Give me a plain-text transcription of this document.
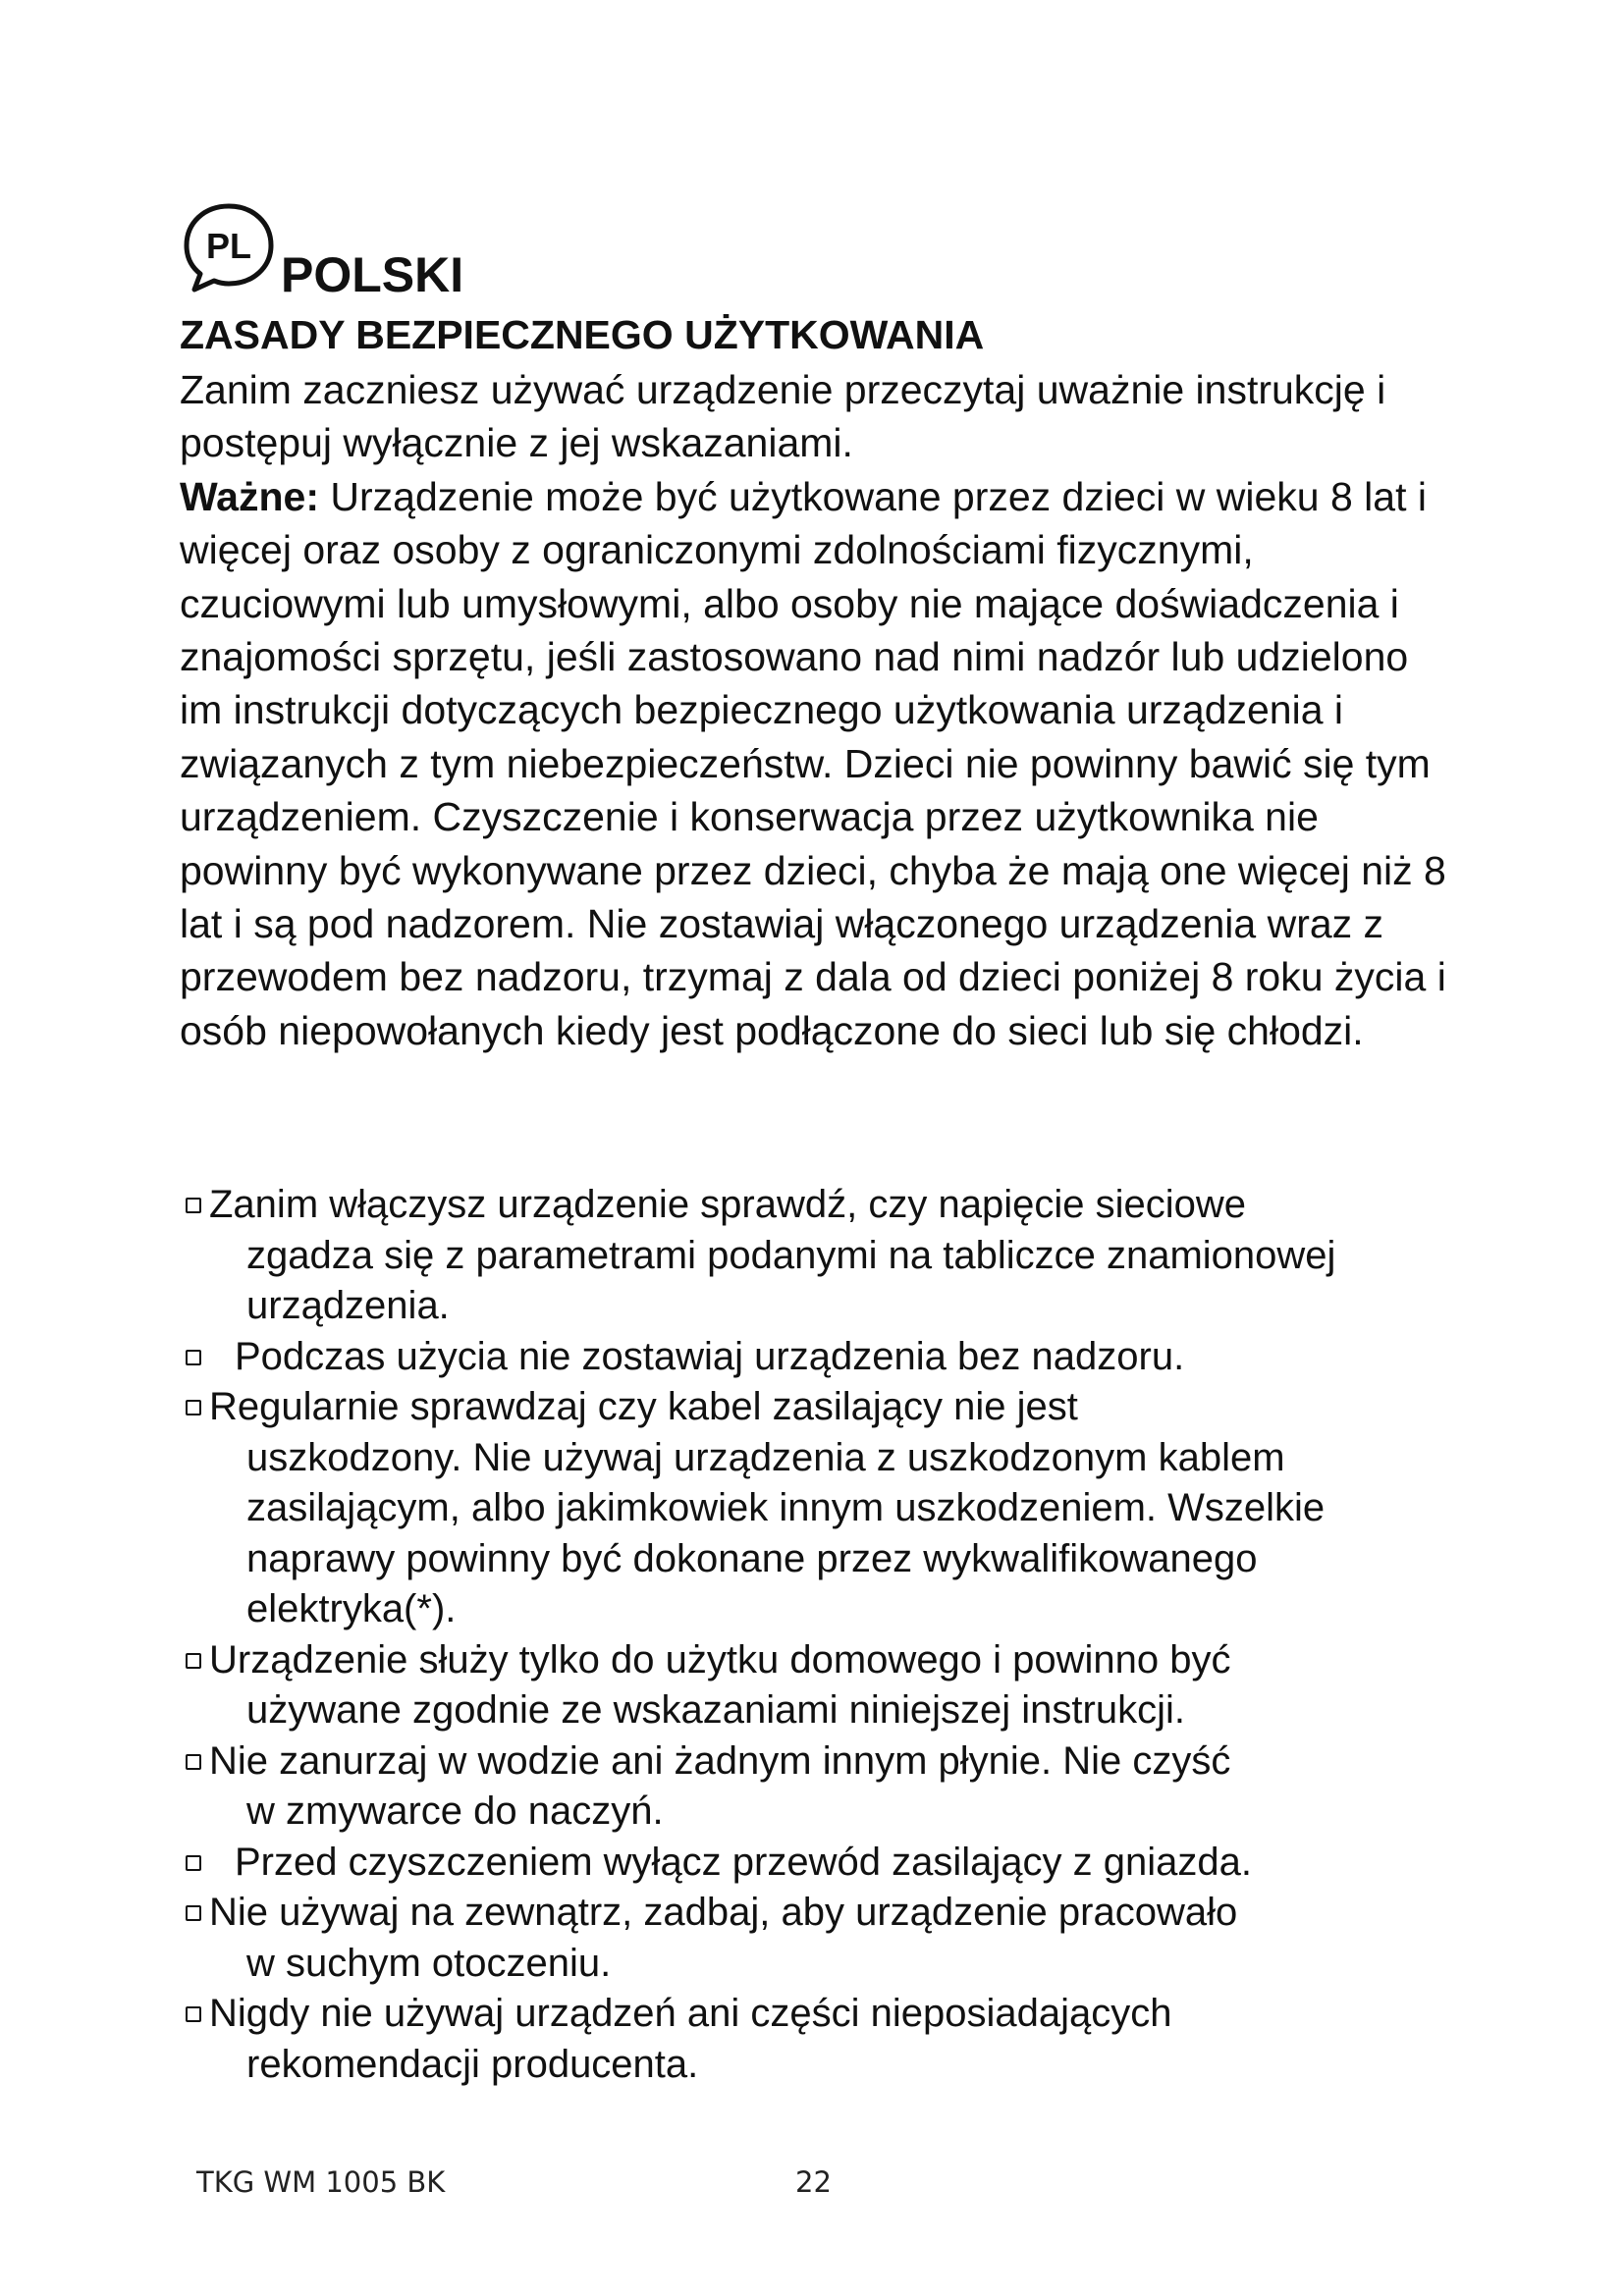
PL
POLSKI
ZASADY BEZPIECZNEGO UŻYTKOWANIA

Zanim zaczniesz używać urządzenie przeczytaj uważnie instrukcję i postępuj wyłącznie z jej wskazaniami.

Ważne: Urządzenie może być użytkowane przez dzieci w wieku 8 lat i więcej oraz osoby z ograniczonymi zdolnościami fizycznymi, czuciowymi lub umysłowymi, albo osoby nie mające doświadczenia i znajomości sprzętu, jeśli zastosowano nad nimi nadzór lub udzielono im instrukcji dotyczących bezpiecznego użytkowania urządzenia i związanych z tym niebezpieczeństw. Dzieci nie powinny bawić się tym urządzeniem. Czyszczenie i konserwacja przez użytkownika nie powinny być wykonywane przez dzieci, chyba że mają one więcej niż 8 lat i są pod nadzorem. Nie zostawiaj włączonego urządzenia wraz z przewodem bez nadzoru, trzymaj z dala od dzieci poniżej 8 roku życia i osób niepowołanych kiedy jest podłączone do sieci lub się chłodzi.

Zanim włączysz urządzenie sprawdź, czy napięcie sieciowe
zgadza się z parametrami podanymi na tabliczce znamionowej urządzenia.
Podczas użycia nie zostawiaj urządzenia bez nadzoru.
Regularnie sprawdzaj czy kabel zasilający nie jest
uszkodzony. Nie używaj urządzenia z uszkodzonym kablem zasilającym, albo jakimkowiek innym uszkodzeniem. Wszelkie naprawy powinny być dokonane przez wykwalifikowanego elektryka(*).
Urządzenie służy tylko do użytku domowego i powinno być
używane zgodnie ze wskazaniami niniejszej instrukcji.
Nie zanurzaj w wodzie ani żadnym innym płynie. Nie czyść
w zmywarce do naczyń.
Przed czyszczeniem wyłącz przewód zasilający z gniazda.
Nie używaj na zewnątrz, zadbaj, aby urządzenie pracowało
w suchym otoczeniu.
Nigdy nie używaj urządzeń ani części nieposiadających
rekomendacji producenta.
TKG WM 1005 BK	22
